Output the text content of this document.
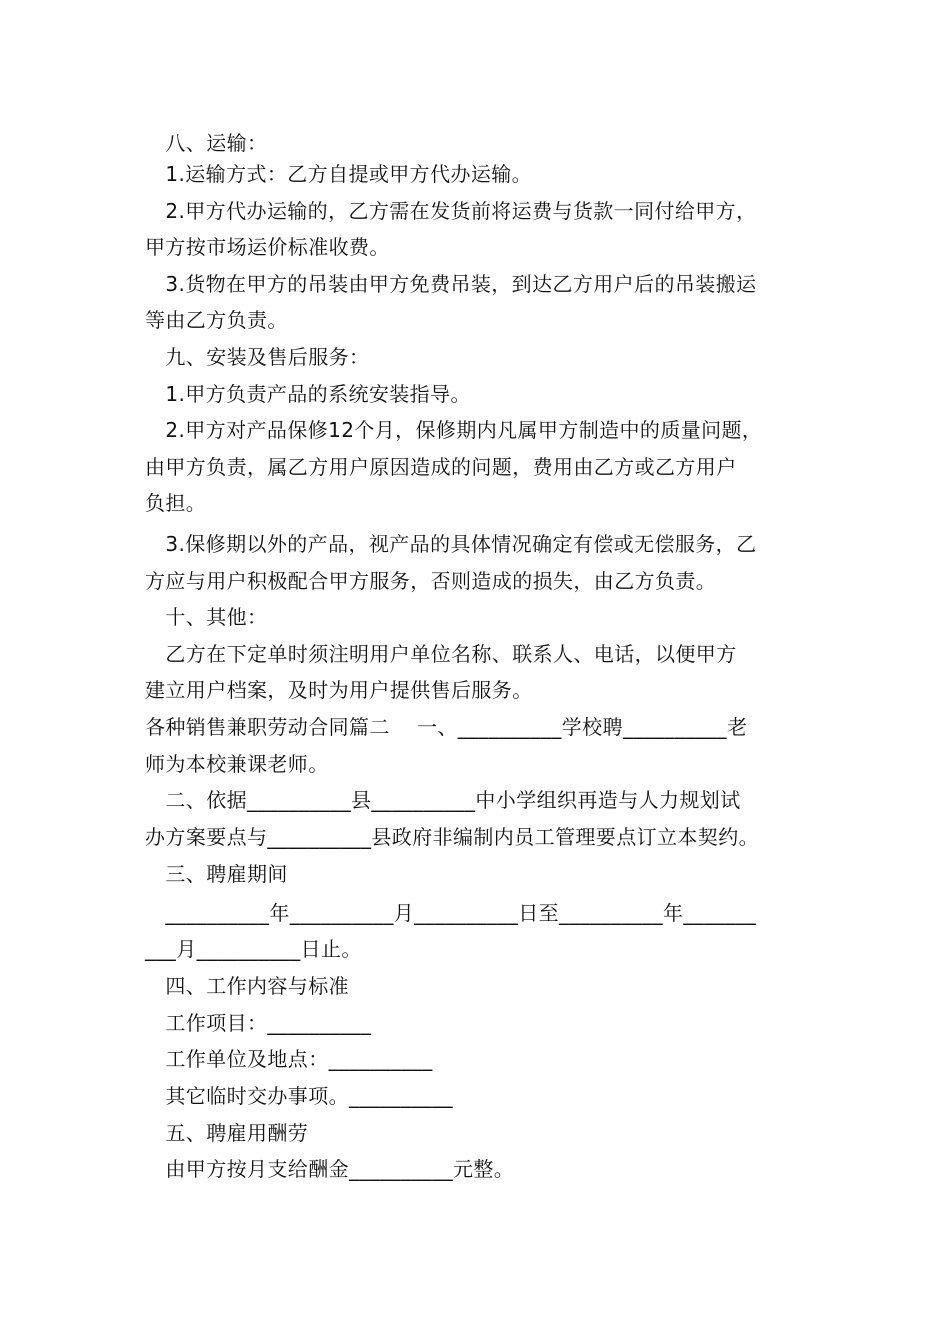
　八、运输：
　1.运输方式：乙方自提或甲方代办运输。
　2.甲方代办运输的，乙方需在发货前将运费与货款一同付给甲方，
甲方按市场运价标准收费。
　3.货物在甲方的吊装由甲方免费吊装，到达乙方用户后的吊装搬运
等由乙方负责。
　九、安装及售后服务：
　1.甲方负责产品的系统安装指导。
　2.甲方对产品保修12个月，保修期内凡属甲方制造中的质量问题，
由甲方负责，属乙方用户原因造成的问题，费用由乙方或乙方用户
负担。
　3.保修期以外的产品，视产品的具体情况确定有偿或无偿服务，乙
方应与用户积极配合甲方服务，否则造成的损失，由乙方负责。
　十、其他：
　乙方在下定单时须注明用户单位名称、联系人、电话，以便甲方
建立用户档案，及时为用户提供售后服务。
各种销售兼职劳动合同篇二　 一、__________学校聘__________老
师为本校兼课老师。
　二、依据__________县__________中小学组织再造与人力规划试
办方案要点与__________县政府非编制内员工管理要点订立本契约。
　三、聘雇期间
　__________年__________月__________日至__________年_______
___月__________日止。
　四、工作内容与标准
　工作项目：__________
　工作单位及地点：__________
　其它临时交办事项。__________
　五、聘雇用酬劳
　由甲方按月支给酬金__________元整。
